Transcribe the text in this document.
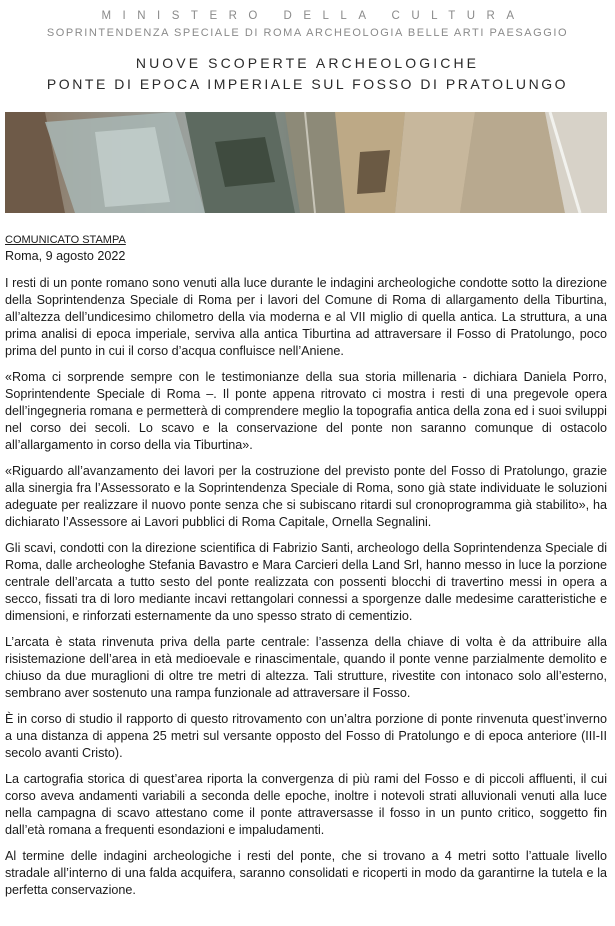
MINISTERO DELLA CULTURA
SOPRINTENDENZA SPECIALE DI ROMA ARCHEOLOGIA BELLE ARTI PAESAGGIO
NUOVE SCOPERTE ARCHEOLOGICHE
PONTE DI EPOCA IMPERIALE SUL FOSSO DI PRATOLUNGO
COMUNICATO STAMPA
Roma, 9 agosto 2022

I resti di un ponte romano sono venuti alla luce durante le indagini archeologiche condotte sotto la direzione della Soprintendenza Speciale di Roma per i lavori del Comune di Roma di allargamento della Tiburtina, all’altezza dell’undicesimo chilometro della via moderna e al VII miglio di quella antica. La struttura, a una prima analisi di epoca imperiale, serviva alla antica Tiburtina ad attraversare il Fosso di Pratolungo, poco prima del punto in cui il corso d’acqua confluisce nell’Aniene.

«Roma ci sorprende sempre con le testimonianze della sua storia millenaria - dichiara Daniela Porro, Soprintendente Speciale di Roma –. Il ponte appena ritrovato ci mostra i resti di una pregevole opera dell’ingegneria romana e permetterà di comprendere meglio la topografia antica della zona ed i suoi sviluppi nel corso dei secoli. Lo scavo e la conservazione del ponte non saranno comunque di ostacolo all’allargamento in corso della via Tiburtina».

«Riguardo all’avanzamento dei lavori per la costruzione del previsto ponte del Fosso di Pratolungo, grazie alla sinergia fra l’Assessorato e la Soprintendenza Speciale di Roma, sono già state individuate le soluzioni adeguate per realizzare il nuovo ponte senza che si subiscano ritardi sul cronoprogramma già stabilito», ha dichiarato l’Assessore ai Lavori pubblici di Roma Capitale, Ornella Segnalini.

Gli scavi, condotti con la direzione scientifica di Fabrizio Santi, archeologo della Soprintendenza Speciale di Roma, dalle archeologhe Stefania Bavastro e Mara Carcieri della Land Srl, hanno messo in luce la porzione centrale dell’arcata a tutto sesto del ponte realizzata con possenti blocchi di travertino messi in opera a secco, fissati tra di loro mediante incavi rettangolari connessi a sporgenze dalle medesime caratteristiche e dimensioni, e rinforzati esternamente da uno spesso strato di cementizio.

L’arcata è stata rinvenuta priva della parte centrale: l’assenza della chiave di volta è da attribuire alla risistemazione dell’area in età medioevale e rinascimentale, quando il ponte venne parzialmente demolito e chiuso da due muraglioni di oltre tre metri di altezza. Tali strutture, rivestite con intonaco solo all’esterno, sembrano aver sostenuto una rampa funzionale ad attraversare il Fosso.

È in corso di studio il rapporto di questo ritrovamento con un’altra porzione di ponte rinvenuta quest’inverno a una distanza di appena 25 metri sul versante opposto del Fosso di Pratolungo e di epoca anteriore (III-II secolo avanti Cristo).

La cartografia storica di quest’area riporta la convergenza di più rami del Fosso e di piccoli affluenti, il cui corso aveva andamenti variabili a seconda delle epoche, inoltre i notevoli strati alluvionali venuti alla luce nella campagna di scavo attestano come il ponte attraversasse il fosso in un punto critico, soggetto fin dall’età romana a frequenti esondazioni e impaludamenti.

Al termine delle indagini archeologiche i resti del ponte, che si trovano a 4 metri sotto l’attuale livello stradale all’interno di una falda acquifera, saranno consolidati e ricoperti in modo da garantirne la tutela e la perfetta conservazione.
